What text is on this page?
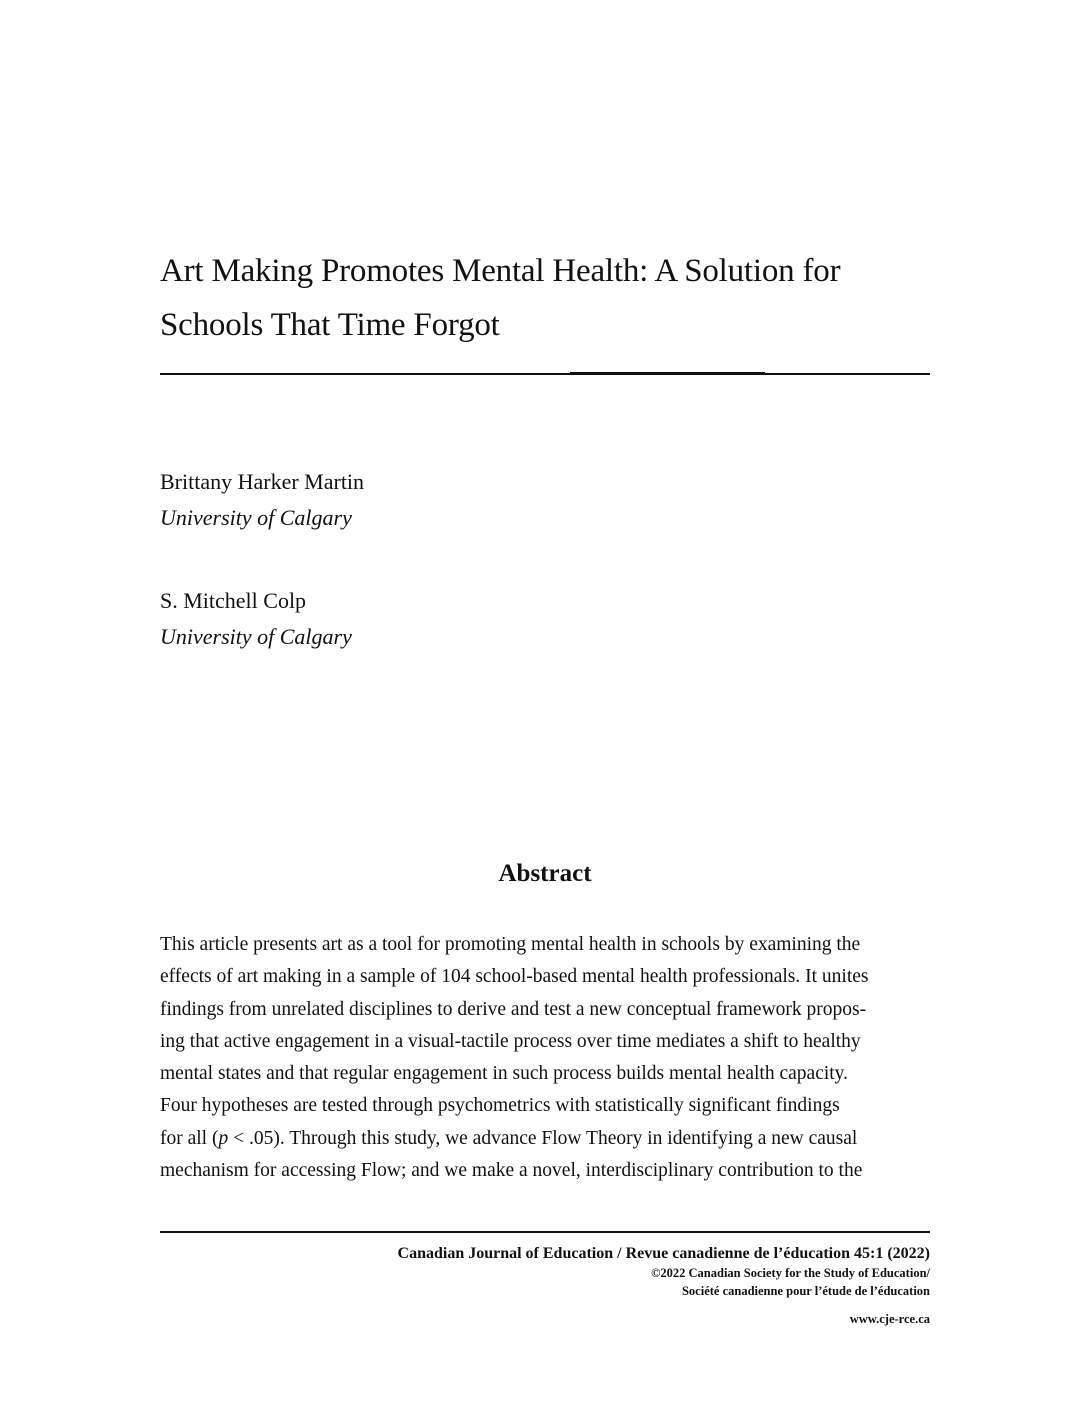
Art Making Promotes Mental Health: A Solution for
Schools That Time Forgot
Brittany Harker Martin
University of Calgary
S. Mitchell Colp
University of Calgary
Abstract
This article presents art as a tool for promoting mental health in schools by examining the
effects of art making in a sample of 104 school-based mental health professionals. It unites
findings from unrelated disciplines to derive and test a new conceptual framework propos-
ing that active engagement in a visual-tactile process over time mediates a shift to healthy
mental states and that regular engagement in such process builds mental health capacity.
Four hypotheses are tested through psychometrics with statistically significant findings
for all (p < .05). Through this study, we advance Flow Theory in identifying a new causal
mechanism for accessing Flow; and we make a novel, interdisciplinary contribution to the
Canadian Journal of Education / Revue canadienne de l’éducation 45:1 (2022)
©2022 Canadian Society for the Study of Education/
Société canadienne pour l’étude de l’éducation
www.cje-rce.ca
